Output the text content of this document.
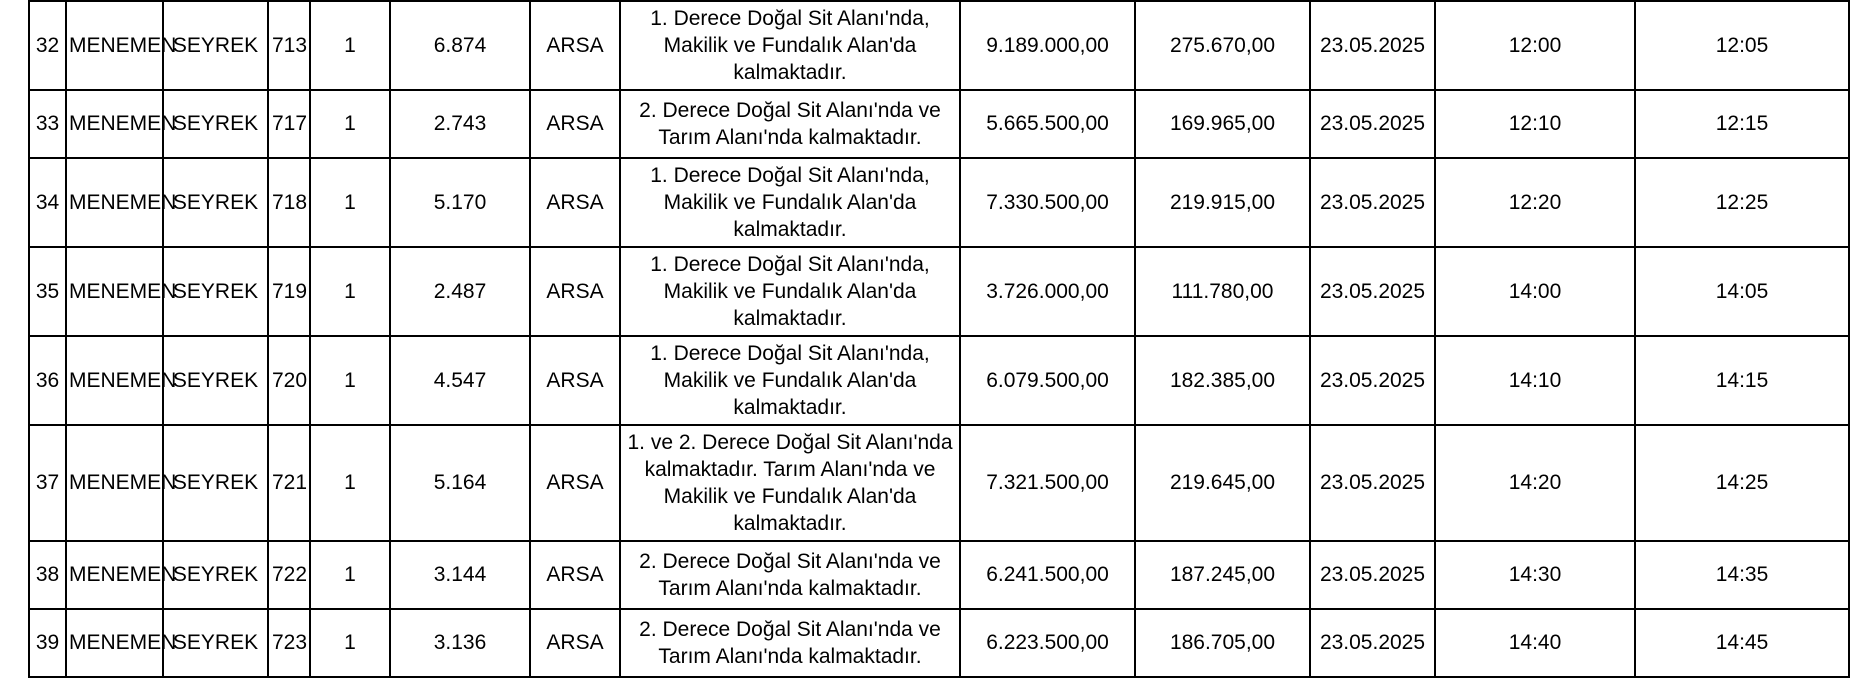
32	MENEMEN	SEYREK	713	1	6.874	ARSA	1. Derece Doğal Sit Alanı'nda, Makilik ve Fundalık Alan'da kalmaktadır.	9.189.000,00	275.670,00	23.05.2025	12:00	12:05
33	MENEMEN	SEYREK	717	1	2.743	ARSA	2. Derece Doğal Sit Alanı'nda ve Tarım Alanı'nda kalmaktadır.	5.665.500,00	169.965,00	23.05.2025	12:10	12:15
34	MENEMEN	SEYREK	718	1	5.170	ARSA	1. Derece Doğal Sit Alanı'nda, Makilik ve Fundalık Alan'da kalmaktadır.	7.330.500,00	219.915,00	23.05.2025	12:20	12:25
35	MENEMEN	SEYREK	719	1	2.487	ARSA	1. Derece Doğal Sit Alanı'nda, Makilik ve Fundalık Alan'da kalmaktadır.	3.726.000,00	111.780,00	23.05.2025	14:00	14:05
36	MENEMEN	SEYREK	720	1	4.547	ARSA	1. Derece Doğal Sit Alanı'nda, Makilik ve Fundalık Alan'da kalmaktadır.	6.079.500,00	182.385,00	23.05.2025	14:10	14:15
37	MENEMEN	SEYREK	721	1	5.164	ARSA	1. ve 2. Derece Doğal Sit Alanı'nda kalmaktadır. Tarım Alanı'nda ve Makilik ve Fundalık Alan'da kalmaktadır.	7.321.500,00	219.645,00	23.05.2025	14:20	14:25
38	MENEMEN	SEYREK	722	1	3.144	ARSA	2. Derece Doğal Sit Alanı'nda ve Tarım Alanı'nda kalmaktadır.	6.241.500,00	187.245,00	23.05.2025	14:30	14:35
39	MENEMEN	SEYREK	723	1	3.136	ARSA	2. Derece Doğal Sit Alanı'nda ve Tarım Alanı'nda kalmaktadır.	6.223.500,00	186.705,00	23.05.2025	14:40	14:45
